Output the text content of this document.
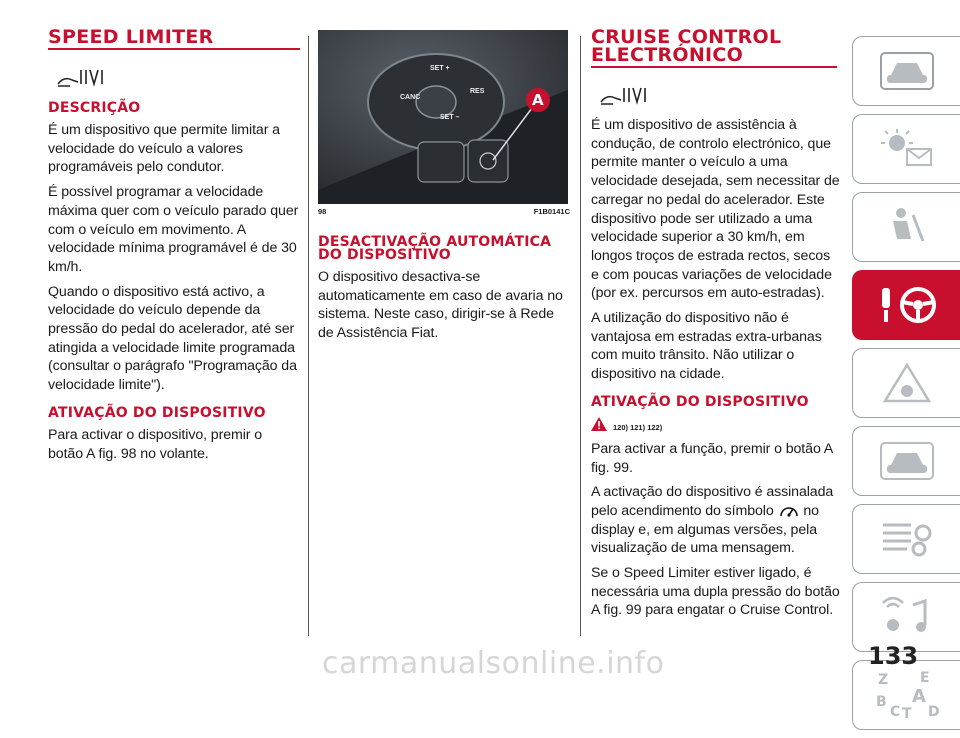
SPEED LIMITER
DESCRIÇÃO

É um dispositivo que permite limitar a velocidade do veículo a valores programáveis pelo condutor.

É possível programar a velocidade máxima quer com o veículo parado quer com o veículo em movimento. A velocidade mínima programável é de 30 km/h.

Quando o dispositivo está activo, a velocidade do veículo depende da pressão do pedal do acelerador, até ser atingida a velocidade limite programada (consultar o parágrafo "Programação da velocidade limite").

ATIVAÇÃO DO DISPOSITIVO

Para activar o dispositivo, premir o botão A fig. 98 no volante.

SET +
CANC
RES
SET –
A
98	F1B0141C
DESACTIVAÇÃO AUTOMÁTICA DO DISPOSITIVO

O dispositivo desactiva-se automaticamente em caso de avaria no sistema. Neste caso, dirigir-se à Rede de Assistência Fiat.

CRUISE CONTROL ELECTRÓNICO

É um dispositivo de assistência à condução, de controlo electrónico, que permite manter o veículo a uma velocidade desejada, sem necessitar de carregar no pedal do acelerador. Este dispositivo pode ser utilizado a uma velocidade superior a 30 km/h, em longos troços de estrada rectos, secos e com poucas variações de velocidade (por ex. percursos em auto-estradas).

A utilização do dispositivo não é vantajosa em estradas extra-urbanas com muito trânsito. Não utilizar o dispositivo na cidade.

ATIVAÇÃO DO DISPOSITIVO
120) 121) 122)

Para activar a função, premir o botão A fig. 99.

A activação do dispositivo é assinalada pelo acendimento do símbolo no display e, em algumas versões, pela visualização de uma mensagem.

Se o Speed Limiter estiver ligado, é necessária uma dupla pressão do botão A fig. 99 para engatar o Cruise Control.

Z E
B A
C T D
carmanualsonline.info	133
